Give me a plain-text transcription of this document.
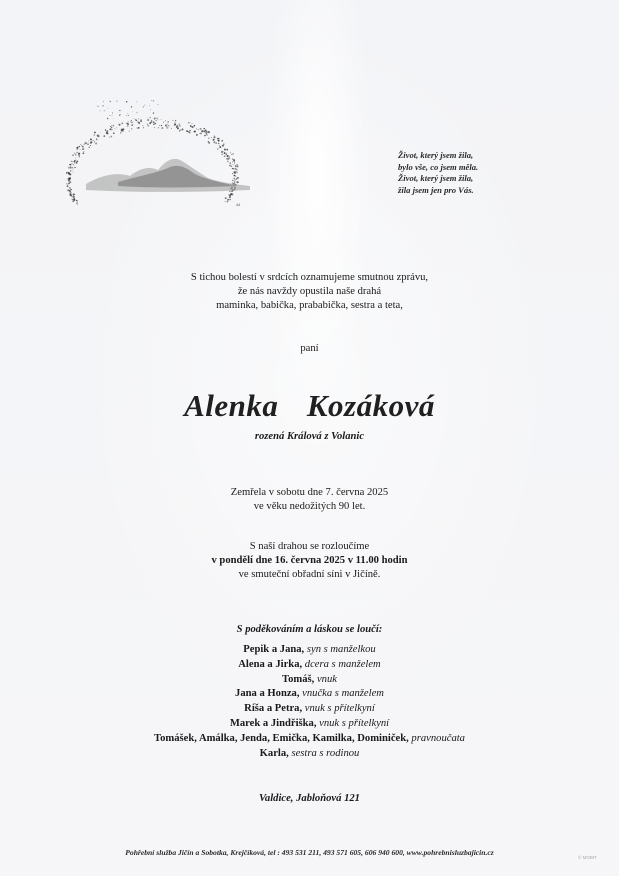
ᴧᴧ
Život, který jsem žila,
bylo vše, co jsem měla.
Život, který jsem žila,
žila jsem jen pro Vás.
S tichou bolestí v srdcích oznamujeme smutnou zprávu,
že nás navždy opustila naše drahá
maminka, babička, prababička, sestra a teta,
paní
Alenka  Kozáková
rozená Králová z Volanic
Zemřela v sobotu dne 7. června 2025
ve věku nedožitých 90 let.
S naší drahou se rozloučíme
v pondělí dne 16. června 2025 v 11.00 hodin
ve smuteční obřadní síni v Jičíně.
S poděkováním a láskou se loučí:
Pepik a Jana, syn s manželkou
Alena a Jirka, dcera s manželem
Tomáš, vnuk
Jana a Honza, vnučka s manželem
Ríša a Petra, vnuk s přítelkyní
Marek a Jindřiška, vnuk s přítelkyní
Tomášek, Amálka, Jenda, Emička, Kamilka, Dominiček, pravnoučata
Karla, sestra s rodinou
Valdice, Jabloňová 121
Pohřební služba Jičín a Sobotka, Krejčíková, tel : 493 531 211, 493 571 605, 606 940 600, www.pohrebnisluzbajicin.cz
© MOBIT
